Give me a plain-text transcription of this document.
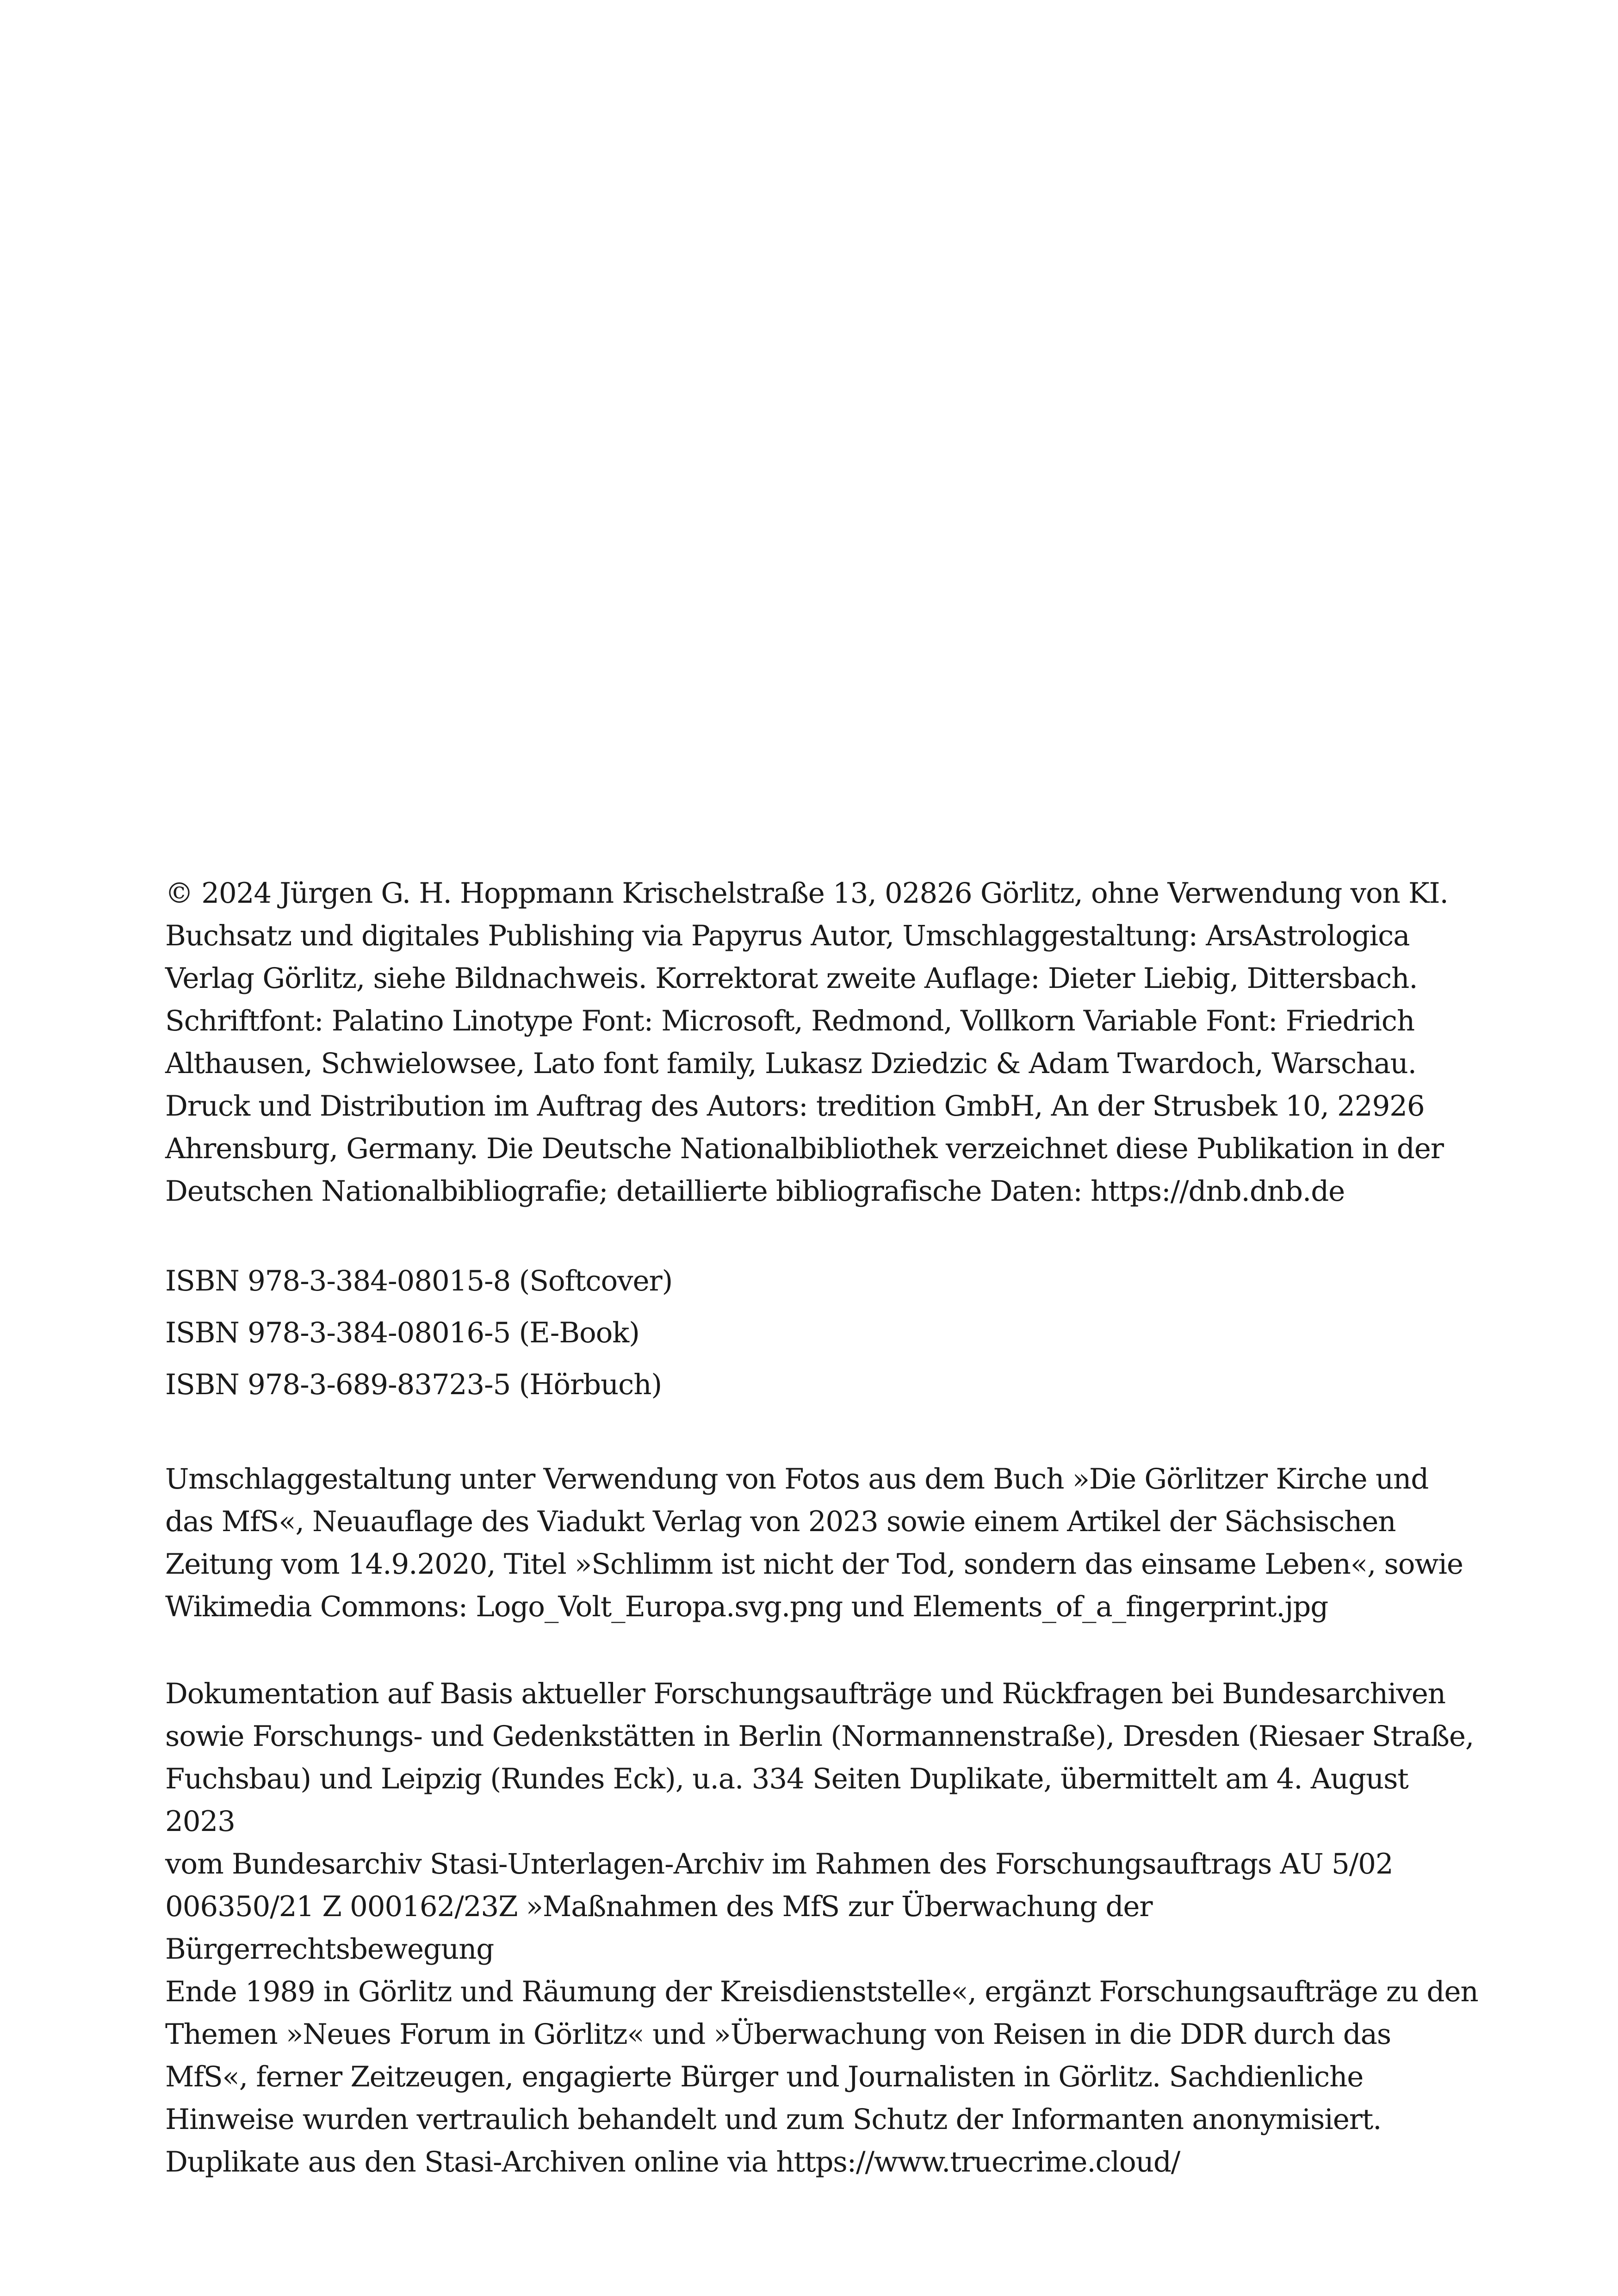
© 2024 Jürgen G. H. Hoppmann Krischelstraße 13, 02826 Görlitz, ohne Verwendung von KI.
Buchsatz und digitales Publishing via Papyrus Autor, Umschlaggestaltung: ArsAstrologica
Verlag Görlitz, siehe Bildnachweis. Korrektorat zweite Auflage: Dieter Liebig, Dittersbach.
Schriftfont: Palatino Linotype Font: Microsoft, Redmond, Vollkorn Variable Font: Friedrich
Althausen, Schwielowsee, Lato font family, Lukasz Dziedzic & Adam Twardoch, Warschau.
Druck und Distribution im Auftrag des Autors: tredition GmbH, An der Strusbek 10, 22926
Ahrensburg, Germany. Die Deutsche Nationalbibliothek verzeichnet diese Publikation in der
Deutschen Nationalbibliografie; detaillierte bibliografische Daten: https://dnb.dnb.de

ISBN 978-3-384-08015-8 (Softcover)
ISBN 978-3-384-08016-5 (E-Book)
ISBN 978-3-689-83723-5 (Hörbuch)

Umschlaggestaltung unter Verwendung von Fotos aus dem Buch »Die Görlitzer Kirche und
das MfS«, Neuauflage des Viadukt Verlag von 2023 sowie einem Artikel der Sächsischen
Zeitung vom 14.9.2020, Titel »Schlimm ist nicht der Tod, sondern das einsame Leben«, sowie
Wikimedia Commons: Logo_Volt_Europa.svg.png und Elements_of_a_fingerprint.jpg

Dokumentation auf Basis aktueller Forschungsaufträge und Rückfragen bei Bundesarchiven
sowie Forschungs- und Gedenkstätten in Berlin (Normannenstraße), Dresden (Riesaer Straße,
Fuchsbau) und Leipzig (Rundes Eck), u.a. 334 Seiten Duplikate, übermittelt am 4. August 2023
vom Bundesarchiv Stasi-Unterlagen-Archiv im Rahmen des Forschungsauftrags AU 5/02
006350/21 Z 000162/23Z »Maßnahmen des MfS zur Überwachung der Bürgerrechtsbewegung
Ende 1989 in Görlitz und Räumung der Kreisdienststelle«, ergänzt Forschungsaufträge zu den
Themen »Neues Forum in Görlitz« und »Überwachung von Reisen in die DDR durch das
MfS«, ferner Zeitzeugen, engagierte Bürger und Journalisten in Görlitz. Sachdienliche
Hinweise wurden vertraulich behandelt und zum Schutz der Informanten anonymisiert.
Duplikate aus den Stasi-Archiven online via https://www.truecrime.cloud/
